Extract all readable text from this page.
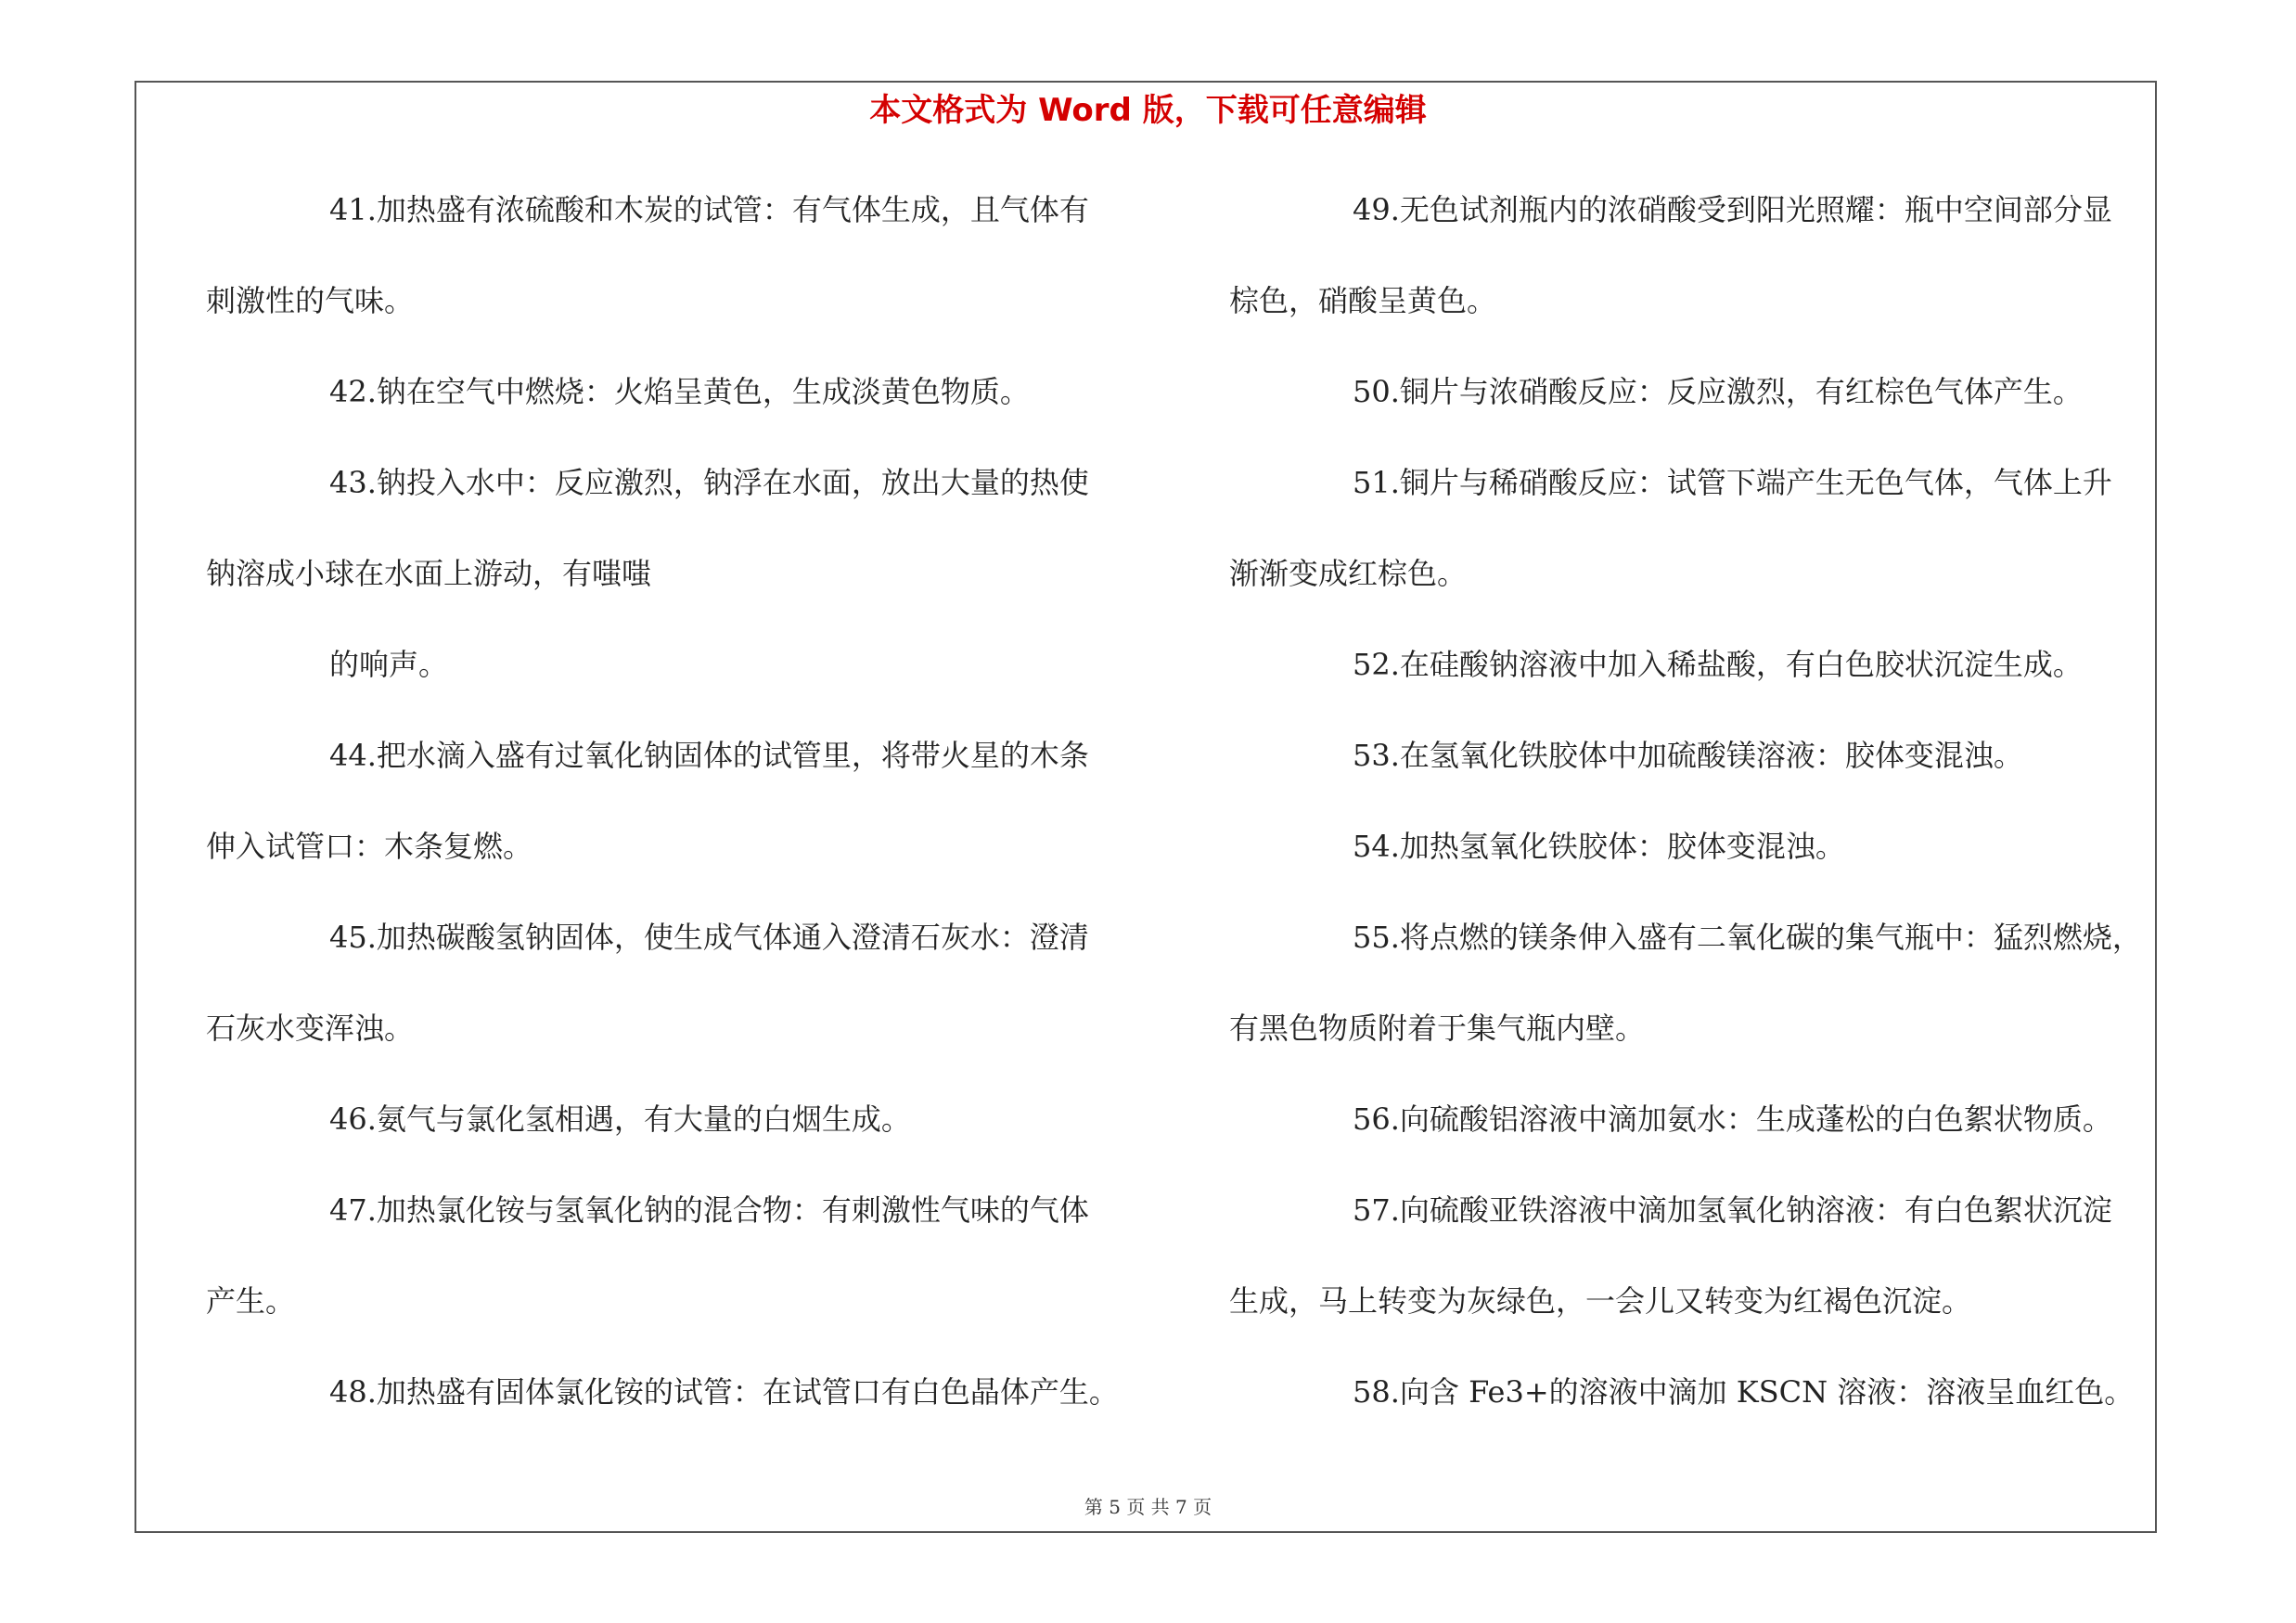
本文格式为 Word 版，下载可任意编辑
41.加热盛有浓硫酸和木炭的试管：有气体生成，且气体有
刺激性的气味。
42.钠在空气中燃烧：火焰呈黄色，生成淡黄色物质。
43.钠投入水中：反应激烈，钠浮在水面，放出大量的热使
钠溶成小球在水面上游动，有嗤嗤
的响声。
44.把水滴入盛有过氧化钠固体的试管里，将带火星的木条
伸入试管口：木条复燃。
45.加热碳酸氢钠固体，使生成气体通入澄清石灰水：澄清
石灰水变浑浊。
46.氨气与氯化氢相遇，有大量的白烟生成。
47.加热氯化铵与氢氧化钠的混合物：有刺激性气味的气体
产生。
48.加热盛有固体氯化铵的试管：在试管口有白色晶体产生。
49.无色试剂瓶内的浓硝酸受到阳光照耀：瓶中空间部分显
棕色，硝酸呈黄色。
50.铜片与浓硝酸反应：反应激烈，有红棕色气体产生。
51.铜片与稀硝酸反应：试管下端产生无色气体，气体上升
渐渐变成红棕色。
52.在硅酸钠溶液中加入稀盐酸，有白色胶状沉淀生成。
53.在氢氧化铁胶体中加硫酸镁溶液：胶体变混浊。
54.加热氢氧化铁胶体：胶体变混浊。
55.将点燃的镁条伸入盛有二氧化碳的集气瓶中：猛烈燃烧，
有黑色物质附着于集气瓶内壁。
56.向硫酸铝溶液中滴加氨水：生成蓬松的白色絮状物质。
57.向硫酸亚铁溶液中滴加氢氧化钠溶液：有白色絮状沉淀
生成，马上转变为灰绿色，一会儿又转变为红褐色沉淀。
58.向含 Fe3+的溶液中滴加 KSCN 溶液：溶液呈血红色。
第 5 页 共 7 页
